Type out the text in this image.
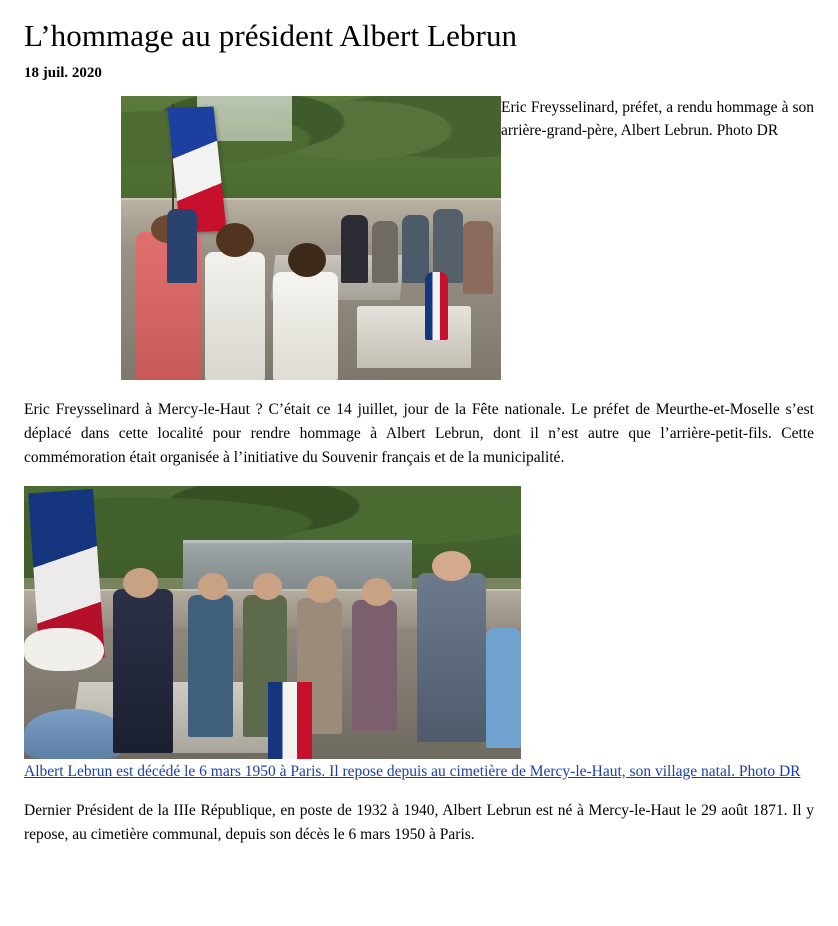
L’hommage au président Albert Lebrun
18 juil. 2020
Eric Freysselinard, préfet, a rendu hommage à son arrière-grand-père, Albert Lebrun. Photo DR

Eric Freysselinard à Mercy-le-Haut ? C’était ce 14 juillet, jour de la Fête nationale. Le préfet de Meurthe-et-Moselle s’est déplacé dans cette localité pour rendre hommage à Albert Lebrun, dont il n’est autre que l’arrière-petit-fils. Cette commémoration était organisée à l’initiative du Souvenir français et de la municipalité.

Albert Lebrun est décédé le 6 mars 1950 à Paris. Il repose depuis au cimetière de Mercy-le-Haut, son village natal. Photo DR

Dernier Président de la IIIe République, en poste de 1932 à 1940, Albert Lebrun est né à Mercy-le-Haut le 29 août 1871. Il y repose, au cimetière communal, depuis son décès le 6 mars 1950 à Paris.
